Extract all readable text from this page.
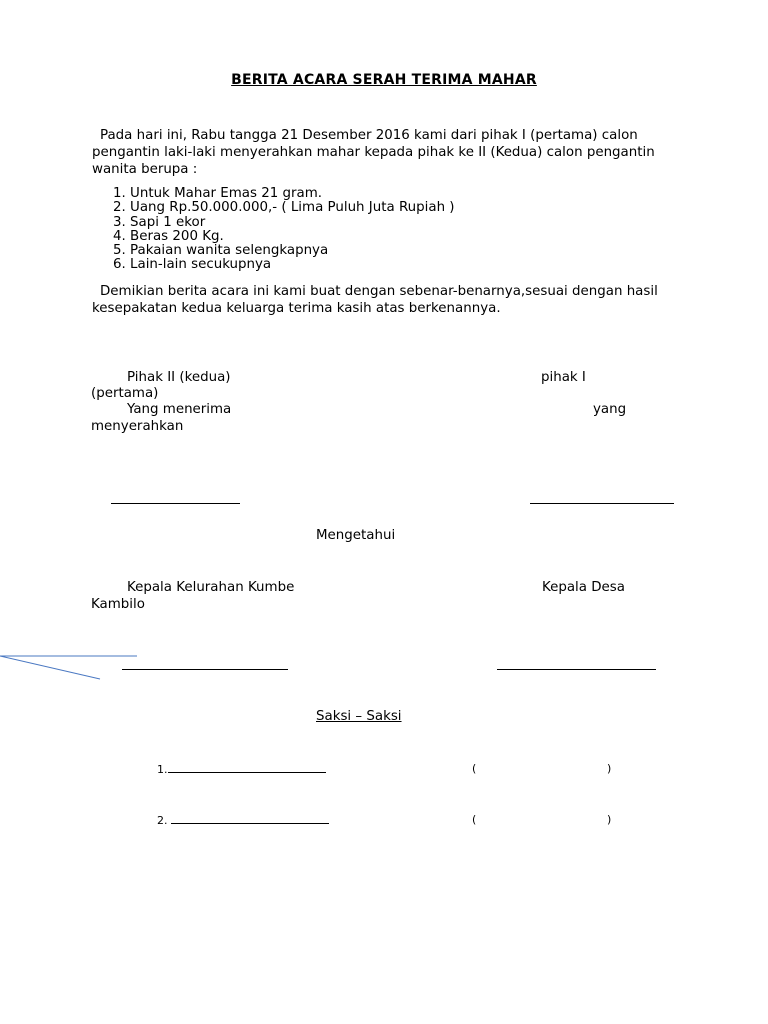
BERITA ACARA SERAH TERIMA MAHAR
Pada hari ini, Rabu tangga 21 Desember 2016 kami dari pihak I (pertama) calon pengantin laki-laki menyerahkan mahar kepada pihak ke II (Kedua) calon pengantin wanita berupa :
1. Untuk Mahar Emas 21 gram.
2. Uang Rp.50.000.000,- ( Lima Puluh Juta Rupiah )
3. Sapi 1 ekor
4. Beras 200 Kg.
5. Pakaian wanita selengkapnya
6. Lain-lain secukupnya
Demikian berita acara ini kami buat dengan sebenar-benarnya,sesuai dengan hasil kesepakatan kedua keluarga terima kasih atas berkenannya.
Pihak II (kedua)	pihak I
(pertama)
Yang menerima	yang
menyerahkan
Mengetahui
Kepala Kelurahan Kumbe	Kepala Desa
Kambilo
Saksi – Saksi
1.	(	)
2.	(	)
